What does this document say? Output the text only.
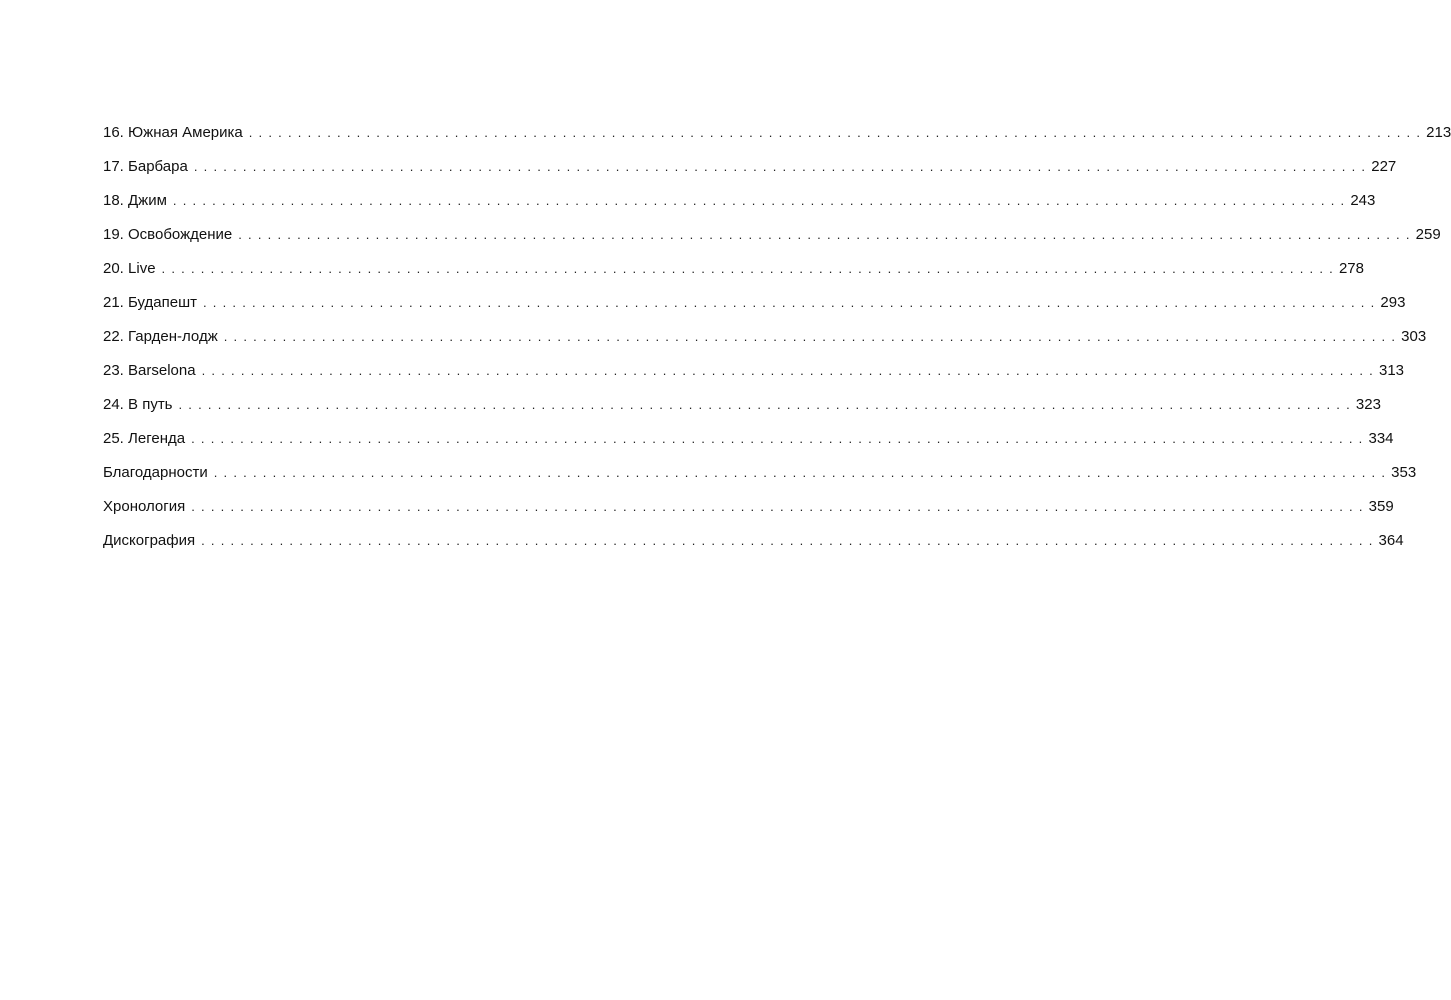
16. Южная Америка ........................................................................................................................ 213
17. Барбара ........................................................................................................................ 227
18. Джим ........................................................................................................................ 243
19. Освобождение ........................................................................................................................ 259
20. Live ........................................................................................................................ 278
21. Будапешт ........................................................................................................................ 293
22. Гарден-лодж ........................................................................................................................ 303
23. Barselona ........................................................................................................................ 313
24. В путь ........................................................................................................................ 323
25. Легенда ........................................................................................................................ 334
Благодарности ........................................................................................................................ 353
Хронология ........................................................................................................................ 359
Дискография ........................................................................................................................ 364
